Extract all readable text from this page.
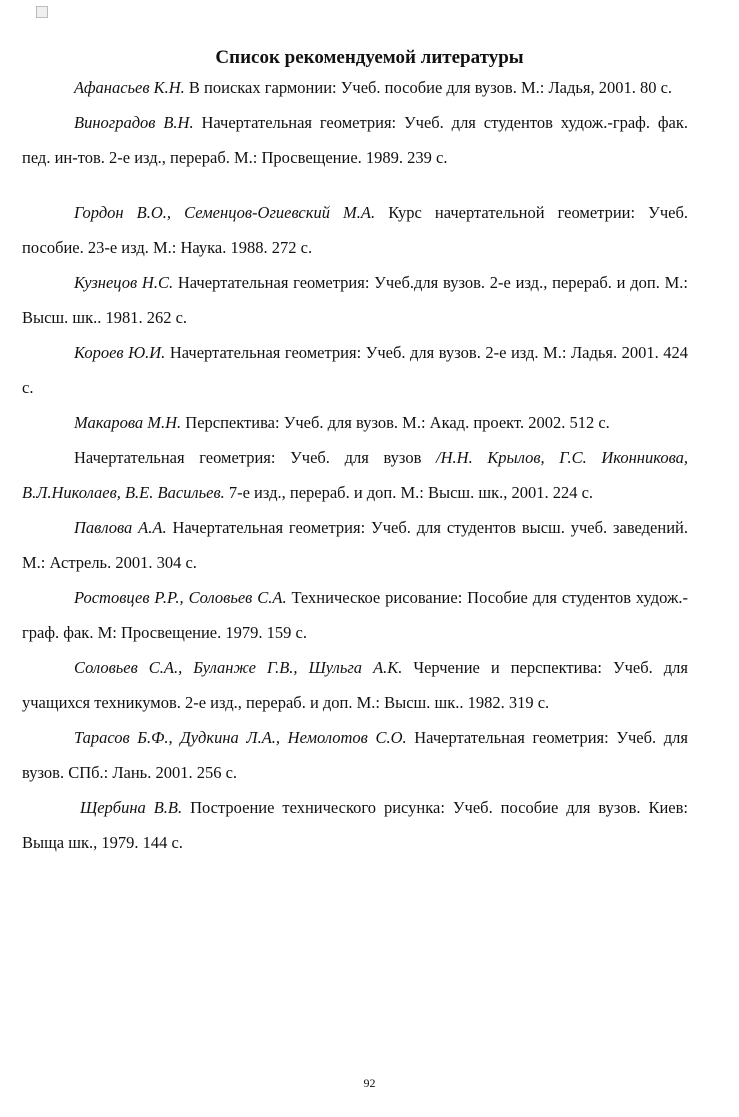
Список рекомендуемой литературы

Афанасьев К.Н. В поисках гармонии: Учеб. пособие для вузов. М.: Ладья, 2001. 80 с.

Виноградов В.Н. Начертательная геометрия: Учеб. для студентов худож.-граф. фак. пед. ин-тов. 2-е изд., перераб. М.: Просвещение. 1989. 239 с.

Гордон В.О., Семенцов-Огиевский М.А. Курс начертательной геометрии: Учеб. пособие. 23-е изд. М.: Наука. 1988. 272 с.

Кузнецов Н.С. Начертательная геометрия: Учеб.для вузов. 2-е изд., перераб. и доп. М.: Высш. шк.. 1981. 262 с.

Короев Ю.И. Начертательная геометрия: Учеб. для вузов. 2-е изд. М.: Ладья. 2001. 424 с.

Макарова М.Н. Перспектива: Учеб. для вузов. М.: Акад. проект. 2002. 512 с.

Начертательная геометрия: Учеб. для вузов /Н.Н. Крылов, Г.С. Иконникова, В.Л.Николаев, В.Е. Васильев. 7-е изд., перераб. и доп. М.: Высш. шк., 2001. 224 с.

Павлова А.А. Начертательная геометрия: Учеб. для студентов высш. учеб. заведений. М.: Астрель. 2001. 304 с.

Ростовцев Р.Р., Соловьев С.А. Техническое рисование: Пособие для студентов худож.-граф. фак. М: Просвещение. 1979. 159 с.

Соловьев С.А., Буланже Г.В., Шульга А.К. Черчение и перспектива: Учеб. для учащихся техникумов. 2-е изд., перераб. и доп. М.: Высш. шк.. 1982. 319 с.

Тарасов Б.Ф., Дудкина Л.А., Немолотов С.О. Начертательная геометрия: Учеб. для вузов. СПб.: Лань. 2001. 256 с.

Щербина В.В. Построение технического рисунка: Учеб. пособие для вузов. Киев: Выща шк., 1979. 144 с.

92
